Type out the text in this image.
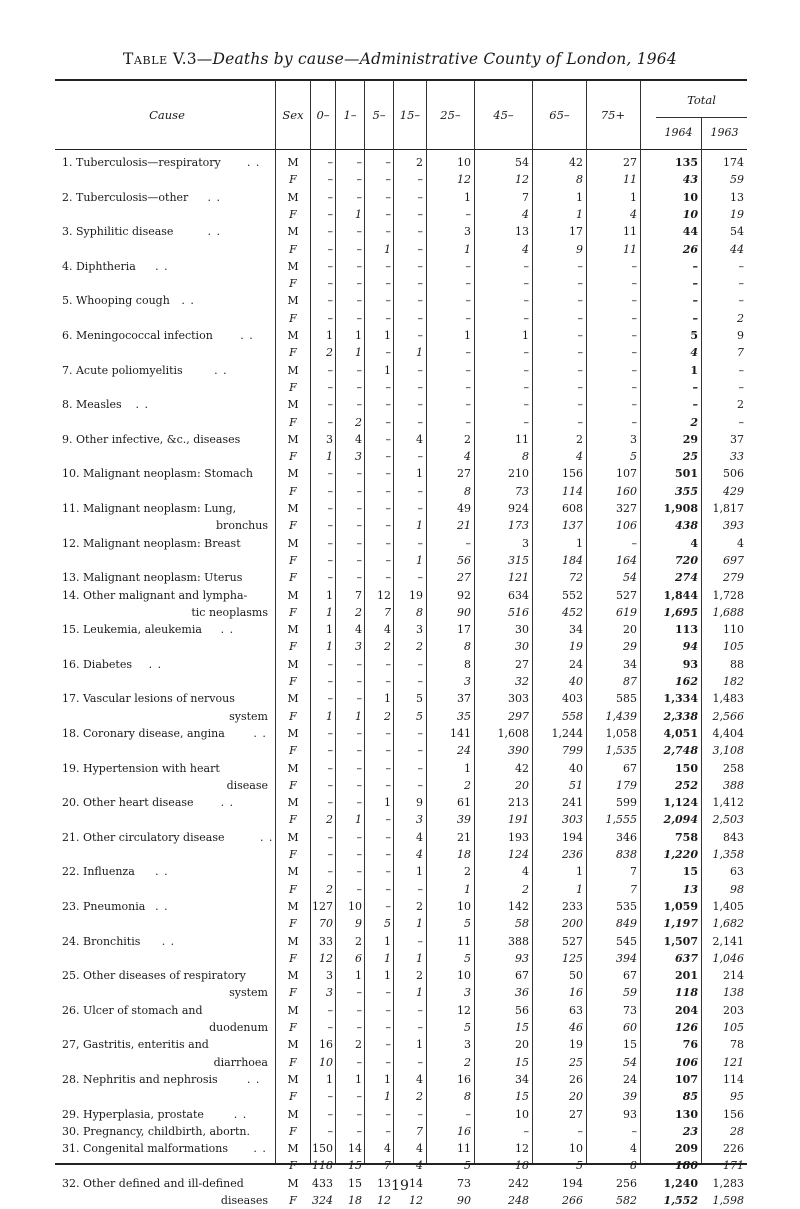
Table V.3—Deaths by cause—Administrative County of London, 1964
Cause	Sex	0–	1–	5–	15–	25–	45–	65–	75+
Total
1964	1963
1. Tuberculosis—respiratory . .	M	–	–	–	2	10	54	42	27	135	174
F	–	–	–	–	12	12	8	11	43	59
2. Tuberculosis—other . .	M	–	–	–	–	1	7	1	1	10	13
F	–	1	–	–	–	4	1	4	10	19
3. Syphilitic disease	. .	M	–	–	–	–	3	13	17	11	44	54
F	–	–	1	–	1	4	9	11	26	44
4. Diphtheria . .	M	–	–	–	–	–	–	–	–	–	–
F	–	–	–	–	–	–	–	–	–	–
5. Whooping cough . .	M	–	–	–	–	–	–	–	–	–	–
F	–	–	–	–	–	–	–	–	–	2
6. Meningococcal infection	. .	M	1	1	1	–	1	1	–	–	5	9
F	2	1	–	1	–	–	–	–	4	7
7. Acute poliomyelitis	. .	M	–	–	1	–	–	–	–	–	1	–
F	–	–	–	–	–	–	–	–	–	–
8. Measles . .	M	–	–	–	–	–	–	–	–	–	2
F	–	2	–	–	–	–	–	–	2	–
9. Other infective, &c., diseases	M	3	4	–	4	2	11	2	3	29	37
F	1	3	–	–	4	8	4	5	25	33
10. Malignant neoplasm: Stomach	M	–	–	–	1	27	210	156	107	501	506
F	–	–	–	–	8	73	114	160	355	429
11. Malignant neoplasm: Lung,	M	–	–	–	–	49	924	608	327	1,908	1,817
bronchus	F	–	–	–	1	21	173	137	106	438	393
12. Malignant neoplasm: Breast	M	–	–	–	–	–	3	1	–	4	4
F	–	–	–	1	56	315	184	164	720	697
13. Malignant neoplasm: Uterus	F	–	–	–	–	27	121	72	54	274	279
14. Other malignant and lympha-	M	1	7	12	19	92	634	552	527	1,844	1,728
tic neoplasms	F	1	2	7	8	90	516	452	619	1,695	1,688
15. Leukemia, aleukemia . .	M	1	4	4	3	17	30	34	20	113	110
F	1	3	2	2	8	30	19	29	94	105
16. Diabetes . .	M	–	–	–	–	8	27	24	34	93	88
F	–	–	–	–	3	32	40	87	162	182
17. Vascular lesions of nervous	M	–	–	1	5	37	303	403	585	1,334	1,483
system	F	1	1	2	5	35	297	558	1,439	2,338	2,566
18. Coronary disease, angina	. .	M	–	–	–	–	141	1,608	1,244	1,058	4,051	4,404
F	–	–	–	–	24	390	799	1,535	2,748	3,108
19. Hypertension with heart	M	–	–	–	–	1	42	40	67	150	258
disease	F	–	–	–	–	2	20	51	179	252	388
20. Other heart disease . .	M	–	–	1	9	61	213	241	599	1,124	1,412
F	2	1	–	3	39	191	303	1,555	2,094	2,503
21. Other circulatory disease	. .	M	–	–	–	4	21	193	194	346	758	843
F	–	–	–	4	18	124	236	838	1,220	1,358
22. Influenza . .	M	–	–	–	1	2	4	1	7	15	63
F	2	–	–	–	1	2	1	7	13	98
23. Pneumonia . .	M	127	10	–	2	10	142	233	535	1,059	1,405
F	70	9	5	1	5	58	200	849	1,197	1,682
24. Bronchitis . .	M	33	2	1	–	11	388	527	545	1,507	2,141
F	12	6	1	1	5	93	125	394	637	1,046
25. Other diseases of respiratory	M	3	1	1	2	10	67	50	67	201	214
system	F	3	–	–	1	3	36	16	59	118	138
26. Ulcer of stomach and	M	–	–	–	–	12	56	63	73	204	203
duodenum	F	–	–	–	–	5	15	46	60	126	105
27, Gastritis, enteritis and	M	16	2	–	1	3	20	19	15	76	78
diarrhoea	F	10	–	–	–	2	15	25	54	106	121
28. Nephritis and nephrosis	. .	M	1	1	1	4	16	34	26	24	107	114
F	–	–	1	2	8	15	20	39	85	95
29. Hyperplasia, prostate	. .	M	–	–	–	–	–	10	27	93	130	156
30. Pregnancy, childbirth, abortn.	F	–	–	–	7	16	–	–	–	23	28
31. Congenital malformations . .	M	150	14	4	4	11	12	10	4	209	226
F	118	15	7	4	5	18	5	8	180	171
32. Other defined and ill-defined	M	433	15	13	14	73	242	194	256	1,240	1,283
diseases	F	324	18	12	12	90	248	266	582	1,552	1,598
19
